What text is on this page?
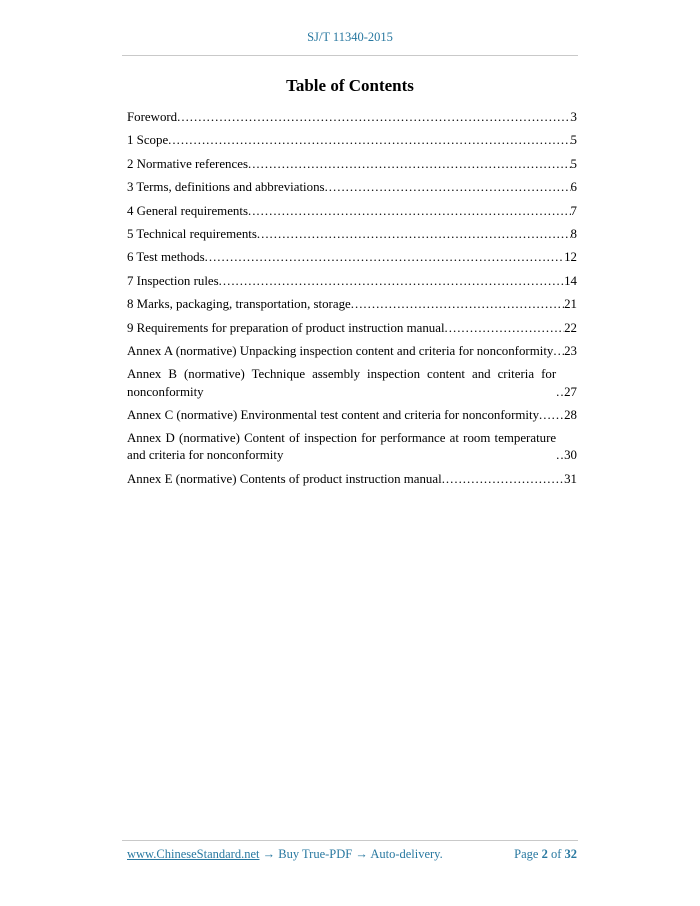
SJ/T 11340-2015
Table of Contents
Foreword .....	3
1 Scope .....	5
2 Normative references .....	5
3 Terms, definitions and abbreviations .....	6
4 General requirements .....	7
5 Technical requirements .....	8
6 Test methods .....	12
7 Inspection rules .....	14
8 Marks, packaging, transportation, storage .....	21
9 Requirements for preparation of product instruction manual .....	22
Annex A (normative) Unpacking inspection content and criteria for nonconformity ..... 23
Annex B (normative) Technique assembly inspection content and criteria for nonconformity .....	27
Annex C (normative) Environmental test content and criteria for nonconformity ..... 28
Annex D (normative) Content of inspection for performance at room temperature and criteria for nonconformity .....	30
Annex E (normative) Contents of product instruction manual .....	31
www.ChineseStandard.net → Buy True-PDF → Auto-delivery.	Page 2 of 32
